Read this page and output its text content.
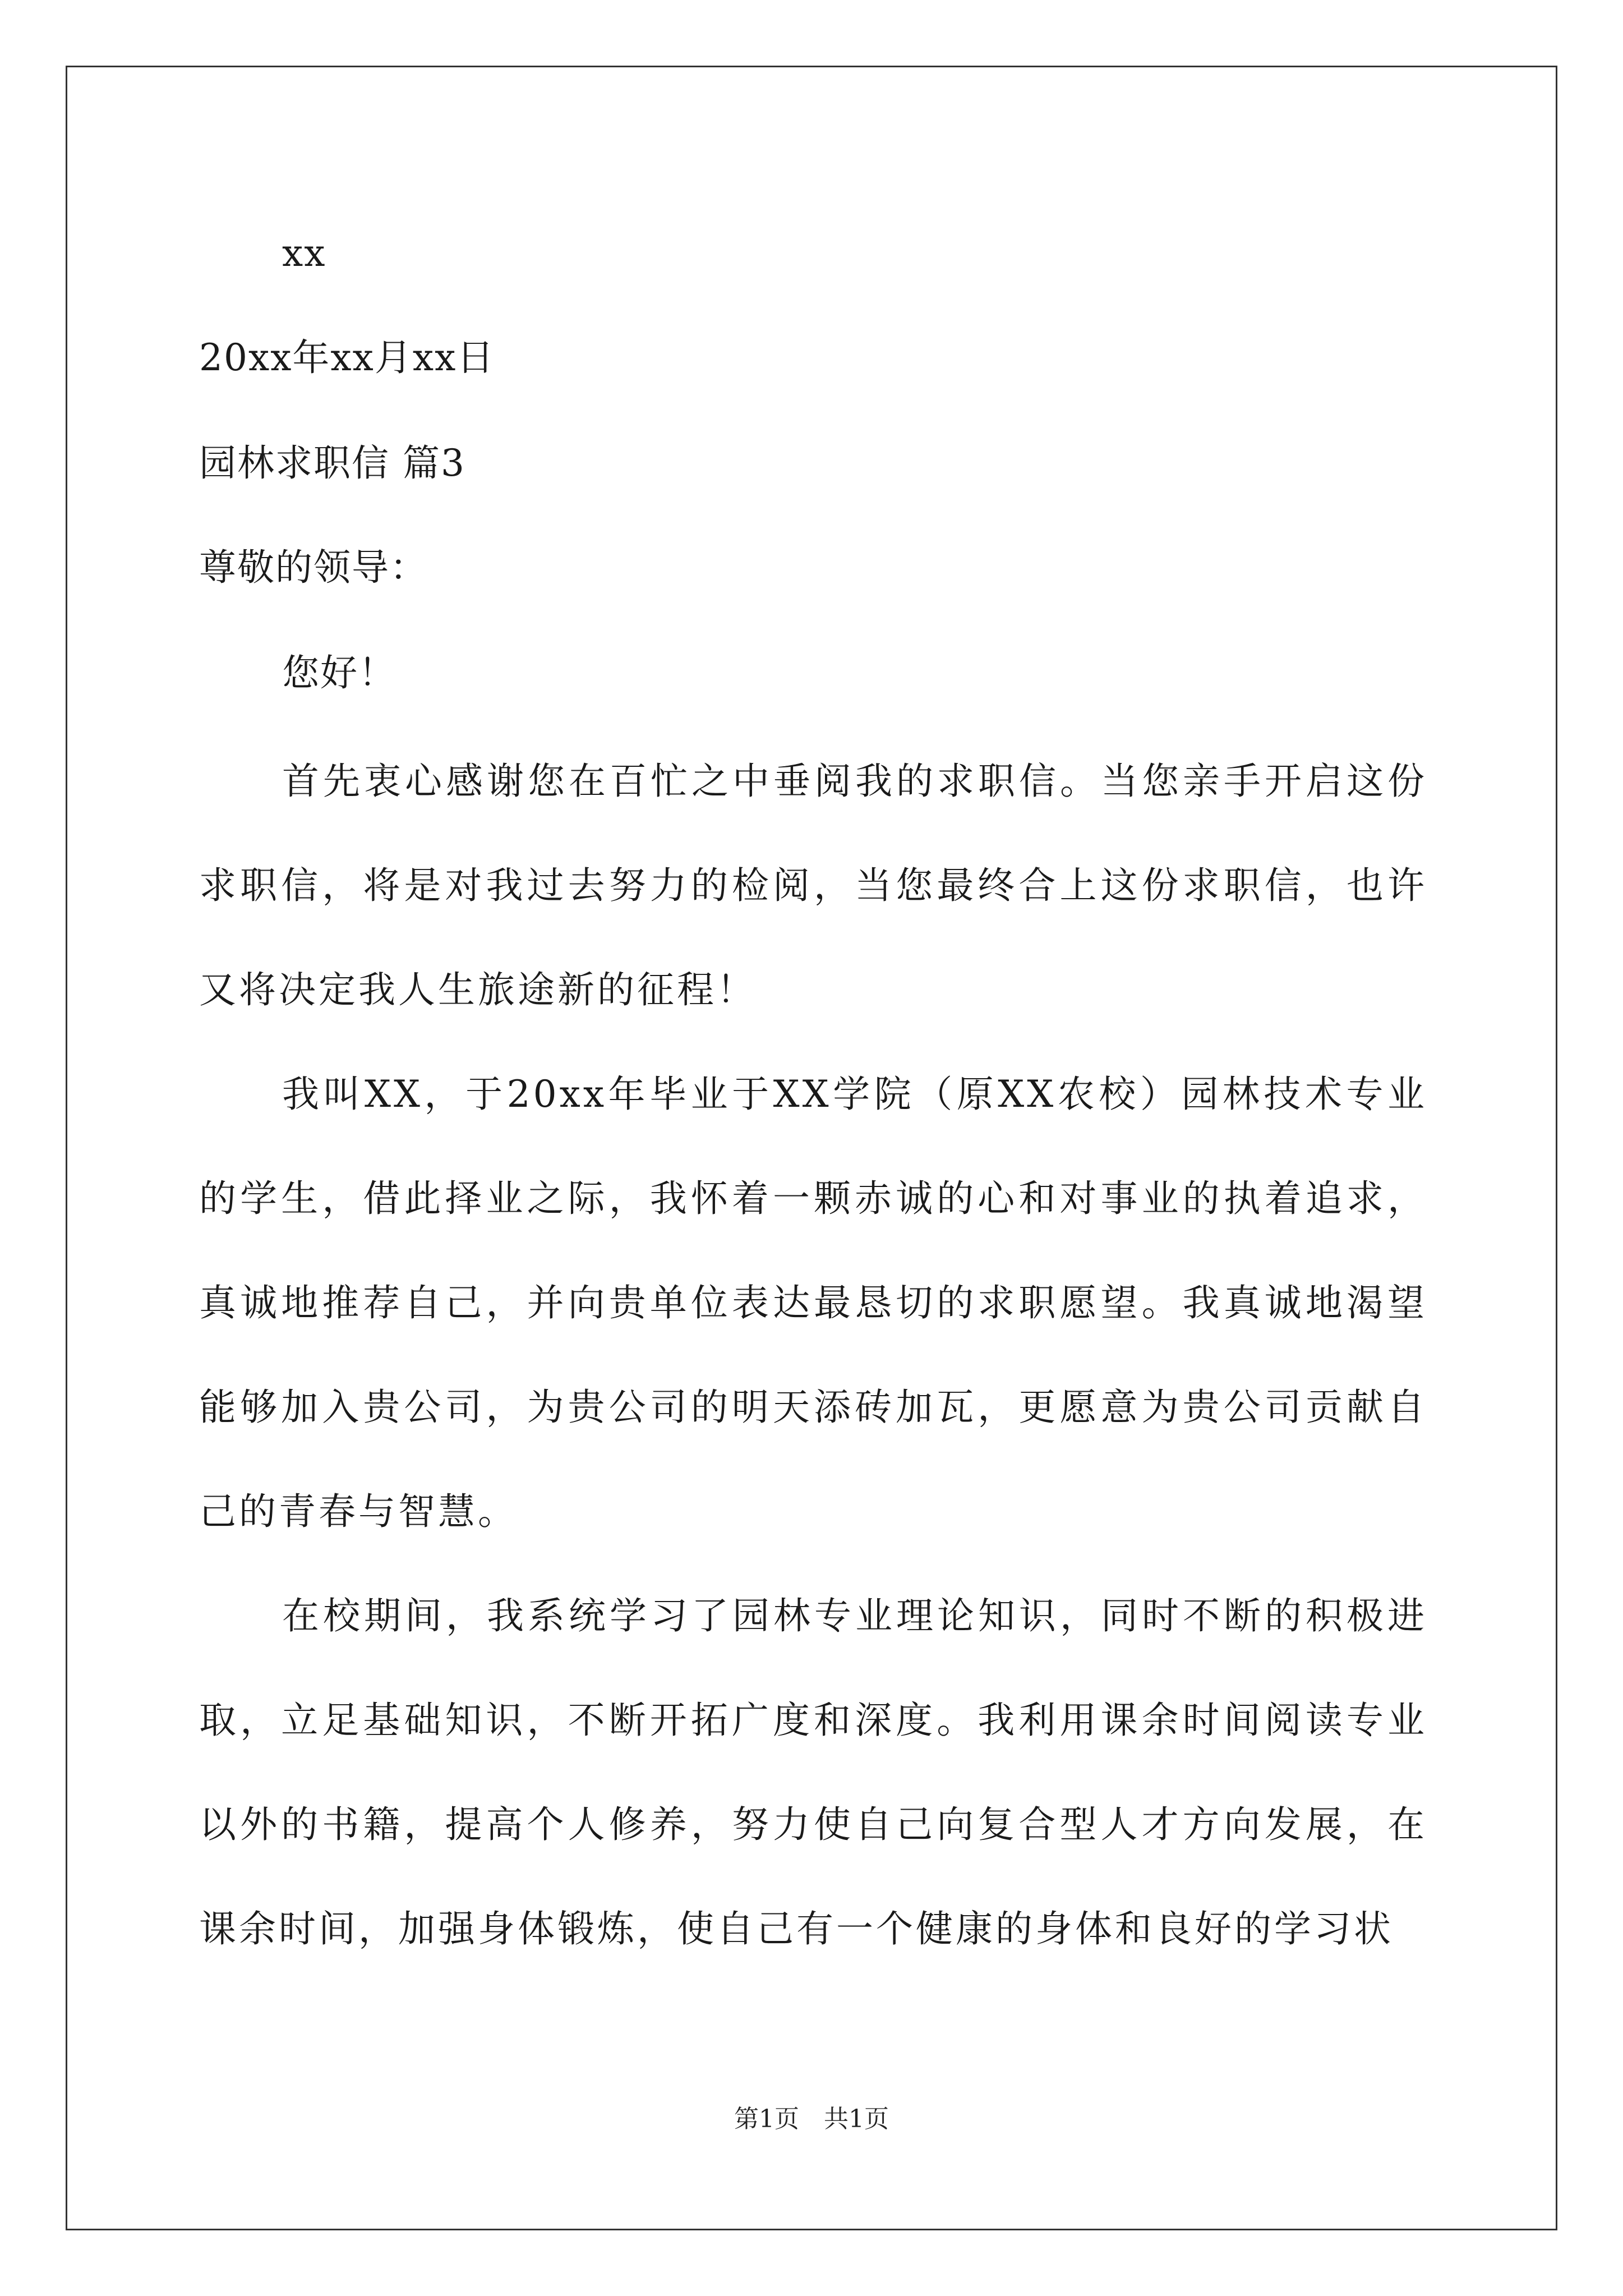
xx
20xx年xx月xx日
园林求职信 篇3
尊敬的领导：
您好！

首先衷心感谢您在百忙之中垂阅我的求职信。当您亲手开启这份求职信，将是对我过去努力的检阅，当您最终合上这份求职信，也许又将决定我人生旅途新的征程！

我叫XX，于20xx年毕业于XX学院（原XX农校）园林技术专业的学生，借此择业之际，我怀着一颗赤诚的心和对事业的执着追求，真诚地推荐自己，并向贵单位表达最恳切的求职愿望。我真诚地渴望能够加入贵公司，为贵公司的明天添砖加瓦，更愿意为贵公司贡献自己的青春与智慧。

在校期间，我系统学习了园林专业理论知识，同时不断的积极进取，立足基础知识，不断开拓广度和深度。我利用课余时间阅读专业以外的书籍，提高个人修养，努力使自己向复合型人才方向发展，在课余时间，加强身体锻炼，使自己有一个健康的身体和良好的学习状

第1页　共1页
